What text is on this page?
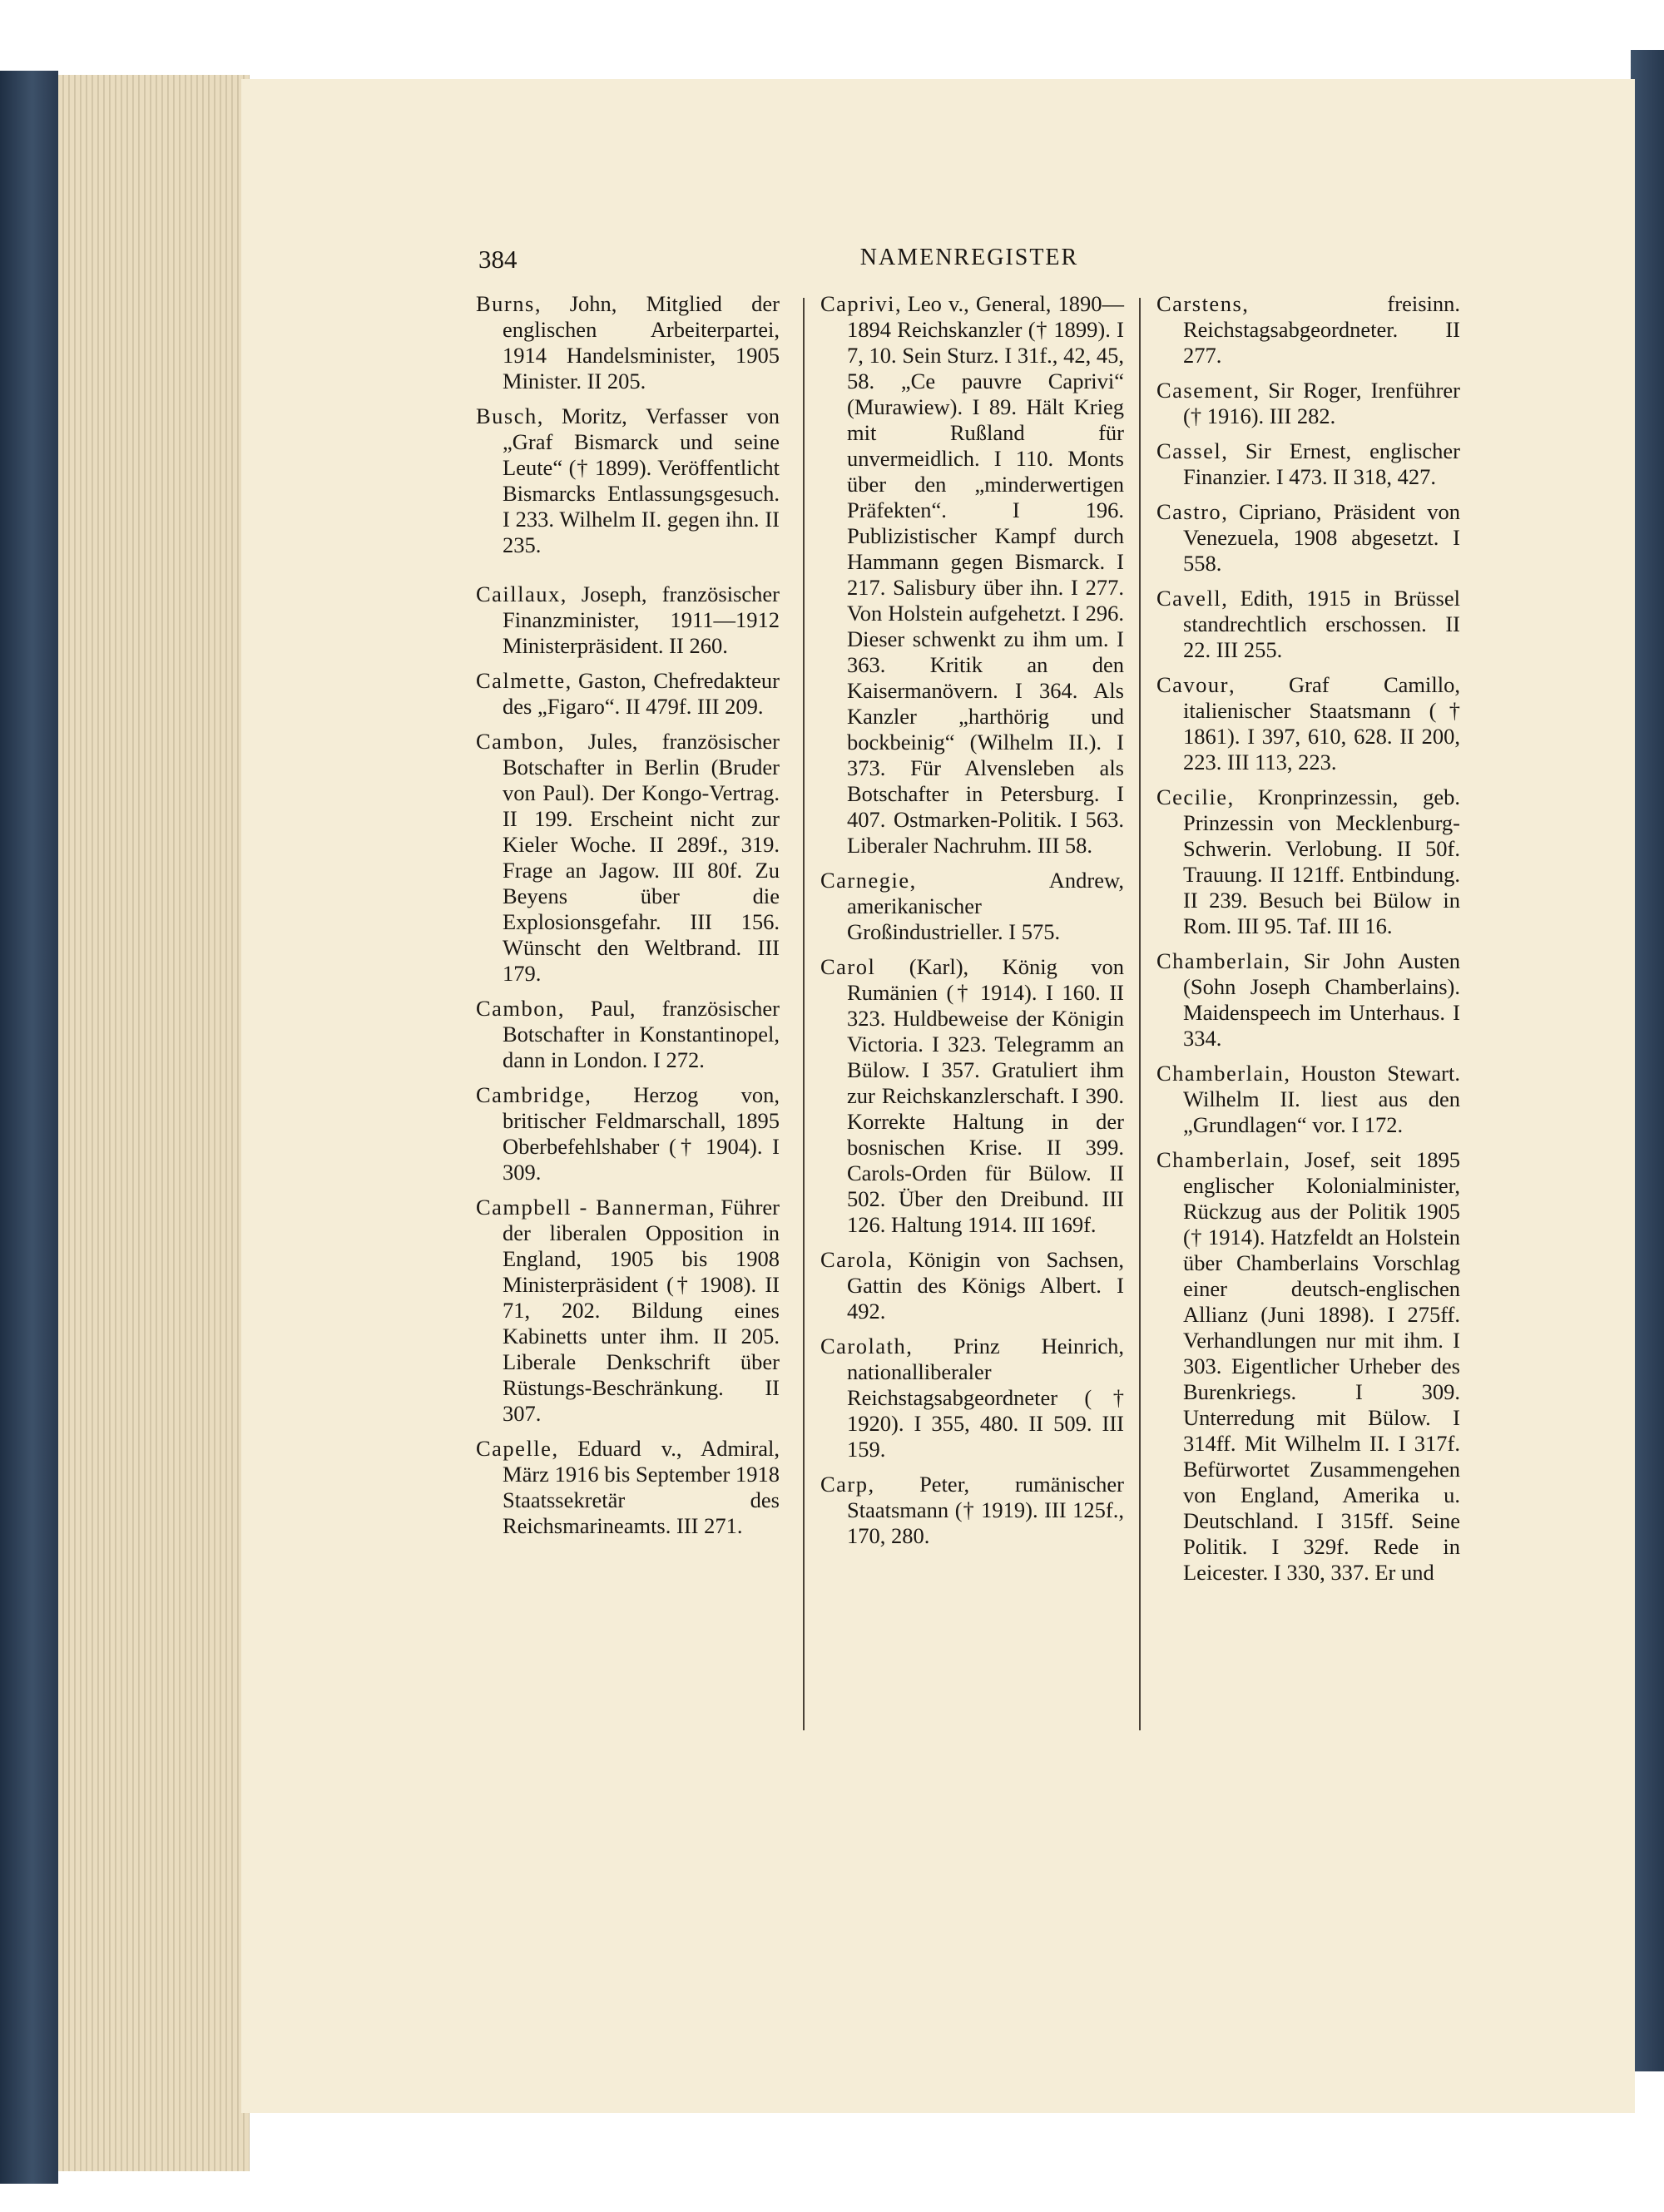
384	NAMENREGISTER

Burns, John, Mitglied der englischen Arbeiterpartei, 1914 Handelsminister, 1905 Minister. II 205.

Busch, Moritz, Verfasser von „Graf Bismarck und seine Leute“ († 1899). Veröffentlicht Bismarcks Entlassungsgesuch. I 233. Wilhelm II. gegen ihn. II 235.

Caillaux, Joseph, französischer Finanzminister, 1911—1912 Ministerpräsident. II 260.

Calmette, Gaston, Chefredakteur des „Figaro“. II 479f. III 209.

Cambon, Jules, französischer Botschafter in Berlin (Bruder von Paul). Der Kongo-Vertrag. II 199. Erscheint nicht zur Kieler Woche. II 289f., 319. Frage an Jagow. III 80f. Zu Beyens über die Explosionsgefahr. III 156. Wünscht den Weltbrand. III 179.

Cambon, Paul, französischer Botschafter in Konstantinopel, dann in London. I 272.

Cambridge, Herzog von, britischer Feldmarschall, 1895 Oberbefehlshaber († 1904). I 309.

Campbell - Bannerman, Führer der liberalen Opposition in England, 1905 bis 1908 Ministerpräsident († 1908). II 71, 202. Bildung eines Kabinetts unter ihm. II 205. Liberale Denkschrift über Rüstungs-Beschränkung. II 307.

Capelle, Eduard v., Admiral, März 1916 bis September 1918 Staatssekretär des Reichsmarineamts. III 271.

Caprivi, Leo v., General, 1890—1894 Reichskanzler († 1899). I 7, 10. Sein Sturz. I 31f., 42, 45, 58. „Ce pauvre Caprivi“ (Murawiew). I 89. Hält Krieg mit Rußland für unvermeidlich. I 110. Monts über den „minderwertigen Präfekten“. I 196. Publizistischer Kampf durch Hammann gegen Bismarck. I 217. Salisbury über ihn. I 277. Von Holstein aufgehetzt. I 296. Dieser schwenkt zu ihm um. I 363. Kritik an den Kaisermanövern. I 364. Als Kanzler „harthörig und bockbeinig“ (Wilhelm II.). I 373. Für Alvensleben als Botschafter in Petersburg. I 407. Ostmarken-Politik. I 563. Liberaler Nachruhm. III 58.

Carnegie, Andrew, amerikanischer Großindustrieller. I 575.

Carol (Karl), König von Rumänien († 1914). I 160. II 323. Huldbeweise der Königin Victoria. I 323. Telegramm an Bülow. I 357. Gratuliert ihm zur Reichskanzlerschaft. I 390. Korrekte Haltung in der bosnischen Krise. II 399. Carols-Orden für Bülow. II 502. Über den Dreibund. III 126. Haltung 1914. III 169f.

Carola, Königin von Sachsen, Gattin des Königs Albert. I 492.

Carolath, Prinz Heinrich, nationalliberaler Reichstagsabgeordneter († 1920). I 355, 480. II 509. III 159.

Carp, Peter, rumänischer Staatsmann († 1919). III 125f., 170, 280.

Carstens, freisinn. Reichstagsabgeordneter. II 277.

Casement, Sir Roger, Irenführer († 1916). III 282.

Cassel, Sir Ernest, englischer Finanzier. I 473. II 318, 427.

Castro, Cipriano, Präsident von Venezuela, 1908 abgesetzt. I 558.

Cavell, Edith, 1915 in Brüssel standrechtlich erschossen. II 22. III 255.

Cavour, Graf Camillo, italienischer Staatsmann († 1861). I 397, 610, 628. II 200, 223. III 113, 223.

Cecilie, Kronprinzessin, geb. Prinzessin von Mecklenburg-Schwerin. Verlobung. II 50f. Trauung. II 121ff. Entbindung. II 239. Besuch bei Bülow in Rom. III 95. Taf. III 16.

Chamberlain, Sir John Austen (Sohn Joseph Chamberlains). Maidenspeech im Unterhaus. I 334.

Chamberlain, Houston Stewart. Wilhelm II. liest aus den „Grundlagen“ vor. I 172.

Chamberlain, Josef, seit 1895 englischer Kolonialminister, Rückzug aus der Politik 1905 († 1914). Hatzfeldt an Holstein über Chamberlains Vorschlag einer deutsch-englischen Allianz (Juni 1898). I 275ff. Verhandlungen nur mit ihm. I 303. Eigentlicher Urheber des Burenkriegs. I 309. Unterredung mit Bülow. I 314ff. Mit Wilhelm II. I 317f. Befürwortet Zusammengehen von England, Amerika u. Deutschland. I 315ff. Seine Politik. I 329f. Rede in Leicester. I 330, 337. Er und
